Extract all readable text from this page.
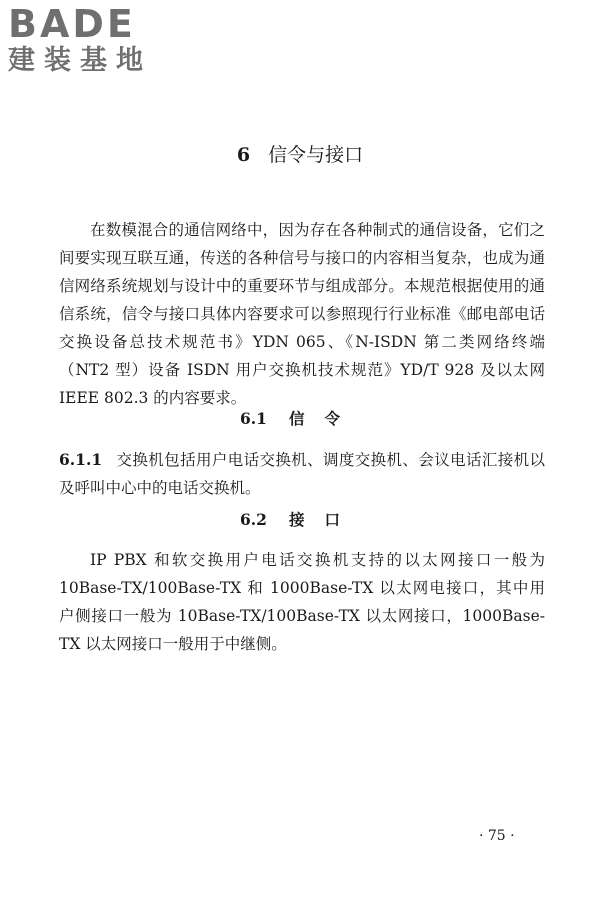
BADE
建装基地
6 信令与接口

在数模混合的通信网络中，因为存在各种制式的通信设备，它们之间要实现互联互通，传送的各种信号与接口的内容相当复杂，也成为通信网络系统规划与设计中的重要环节与组成部分。本规范根据使用的通信系统，信令与接口具体内容要求可以参照现行行业标准《邮电部电话交换设备总技术规范书》YDN 065、《N-ISDN 第二类网络终端（NT2 型）设备 ISDN 用户交换机技术规范》YD/T 928 及以太网 IEEE 802.3 的内容要求。

6.1 信令

6.1.1 交换机包括用户电话交换机、调度交换机、会议电话汇接机以及呼叫中心中的电话交换机。

6.2 接口

IP PBX 和软交换用户电话交换机支持的以太网接口一般为 10Base-TX/100Base-TX 和 1000Base-TX 以太网电接口，其中用户侧接口一般为 10Base-TX/100Base-TX 以太网接口，1000Base-TX 以太网接口一般用于中继侧。

· 75 ·
